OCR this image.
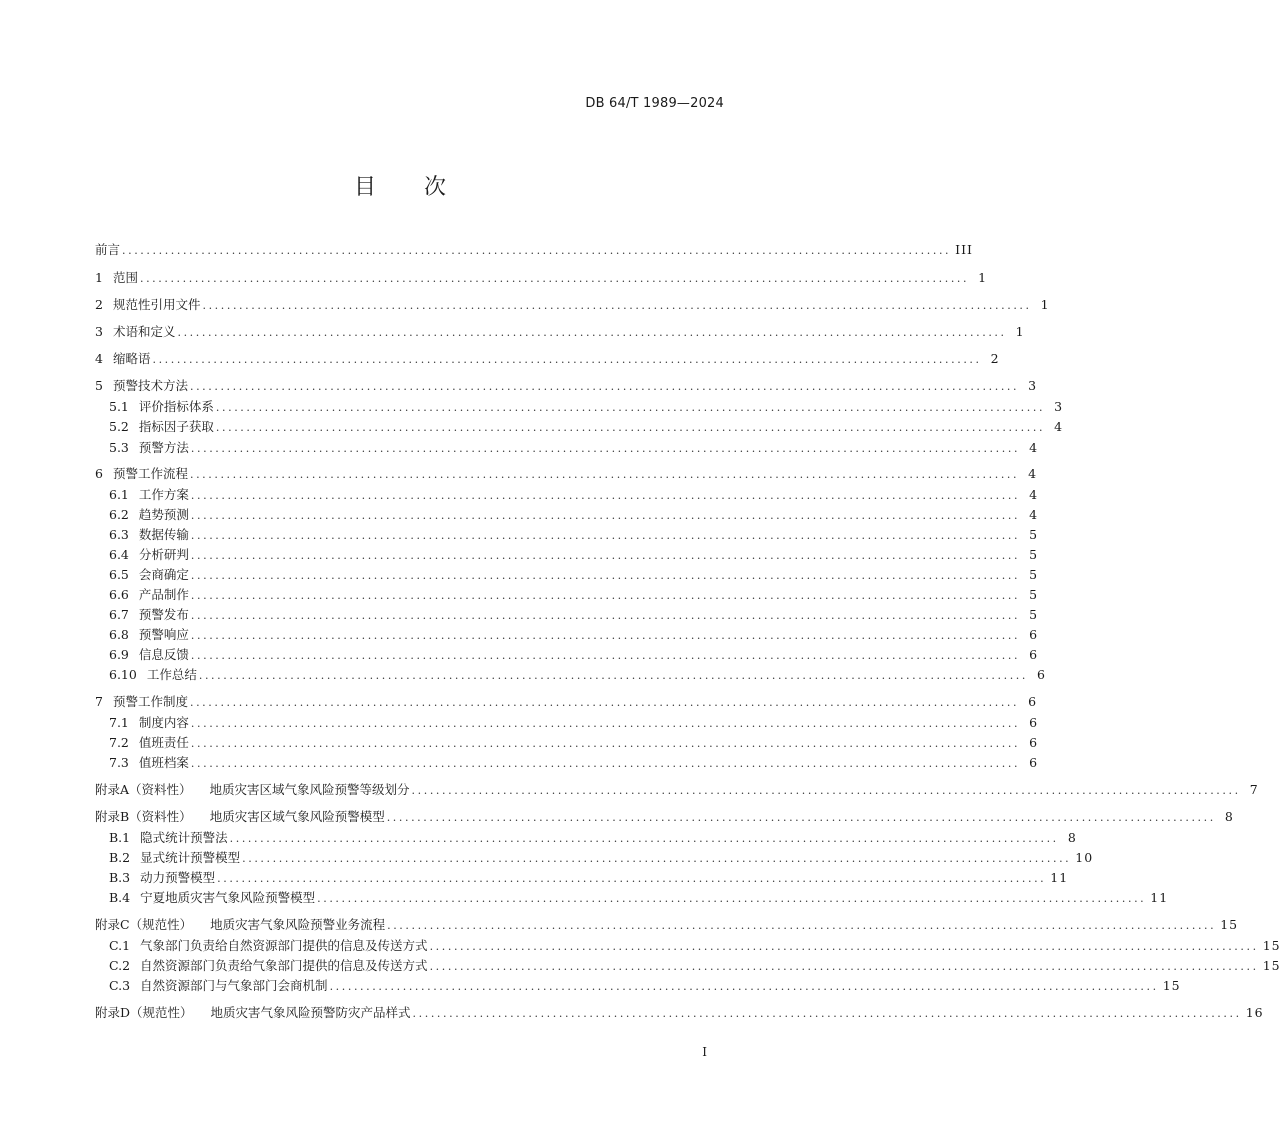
DB 64/T 1989—2024
目 次
前言 ........................................................................................................................................ III
1 范围 ........................................................................................................................................ 1
2 规范性引用文件 ........................................................................................................................................ 1
3 术语和定义 ........................................................................................................................................ 1
4 缩略语 ........................................................................................................................................ 2
5 预警技术方法 ........................................................................................................................................ 3
5.1 评价指标体系 ........................................................................................................................................ 3
5.2 指标因子获取 ........................................................................................................................................ 4
5.3 预警方法 ........................................................................................................................................ 4
6 预警工作流程 ........................................................................................................................................ 4
6.1 工作方案 ........................................................................................................................................ 4
6.2 趋势预测 ........................................................................................................................................ 4
6.3 数据传输 ........................................................................................................................................ 5
6.4 分析研判 ........................................................................................................................................ 5
6.5 会商确定 ........................................................................................................................................ 5
6.6 产品制作 ........................................................................................................................................ 5
6.7 预警发布 ........................................................................................................................................ 5
6.8 预警响应 ........................................................................................................................................ 6
6.9 信息反馈 ........................................................................................................................................ 6
6.10 工作总结 ........................................................................................................................................ 6
7 预警工作制度 ........................................................................................................................................ 6
7.1 制度内容 ........................................................................................................................................ 6
7.2 值班责任 ........................................................................................................................................ 6
7.3 值班档案 ........................................................................................................................................ 6
附录A（资料性） 地质灾害区域气象风险预警等级划分 ........................................................................................................................................ 7
附录B（资料性） 地质灾害区域气象风险预警模型 ........................................................................................................................................ 8
B.1 隐式统计预警法 ........................................................................................................................................ 8
B.2 显式统计预警模型 ........................................................................................................................................ 10
B.3 动力预警模型 ........................................................................................................................................ 11
B.4 宁夏地质灾害气象风险预警模型 ........................................................................................................................................ 11
附录C（规范性） 地质灾害气象风险预警业务流程 ........................................................................................................................................ 15
C.1 气象部门负责给自然资源部门提供的信息及传送方式 ........................................................................................................................................ 15
C.2 自然资源部门负责给气象部门提供的信息及传送方式 ........................................................................................................................................ 15
C.3 自然资源部门与气象部门会商机制 ........................................................................................................................................ 15
附录D（规范性） 地质灾害气象风险预警防灾产品样式 ........................................................................................................................................ 16
I
